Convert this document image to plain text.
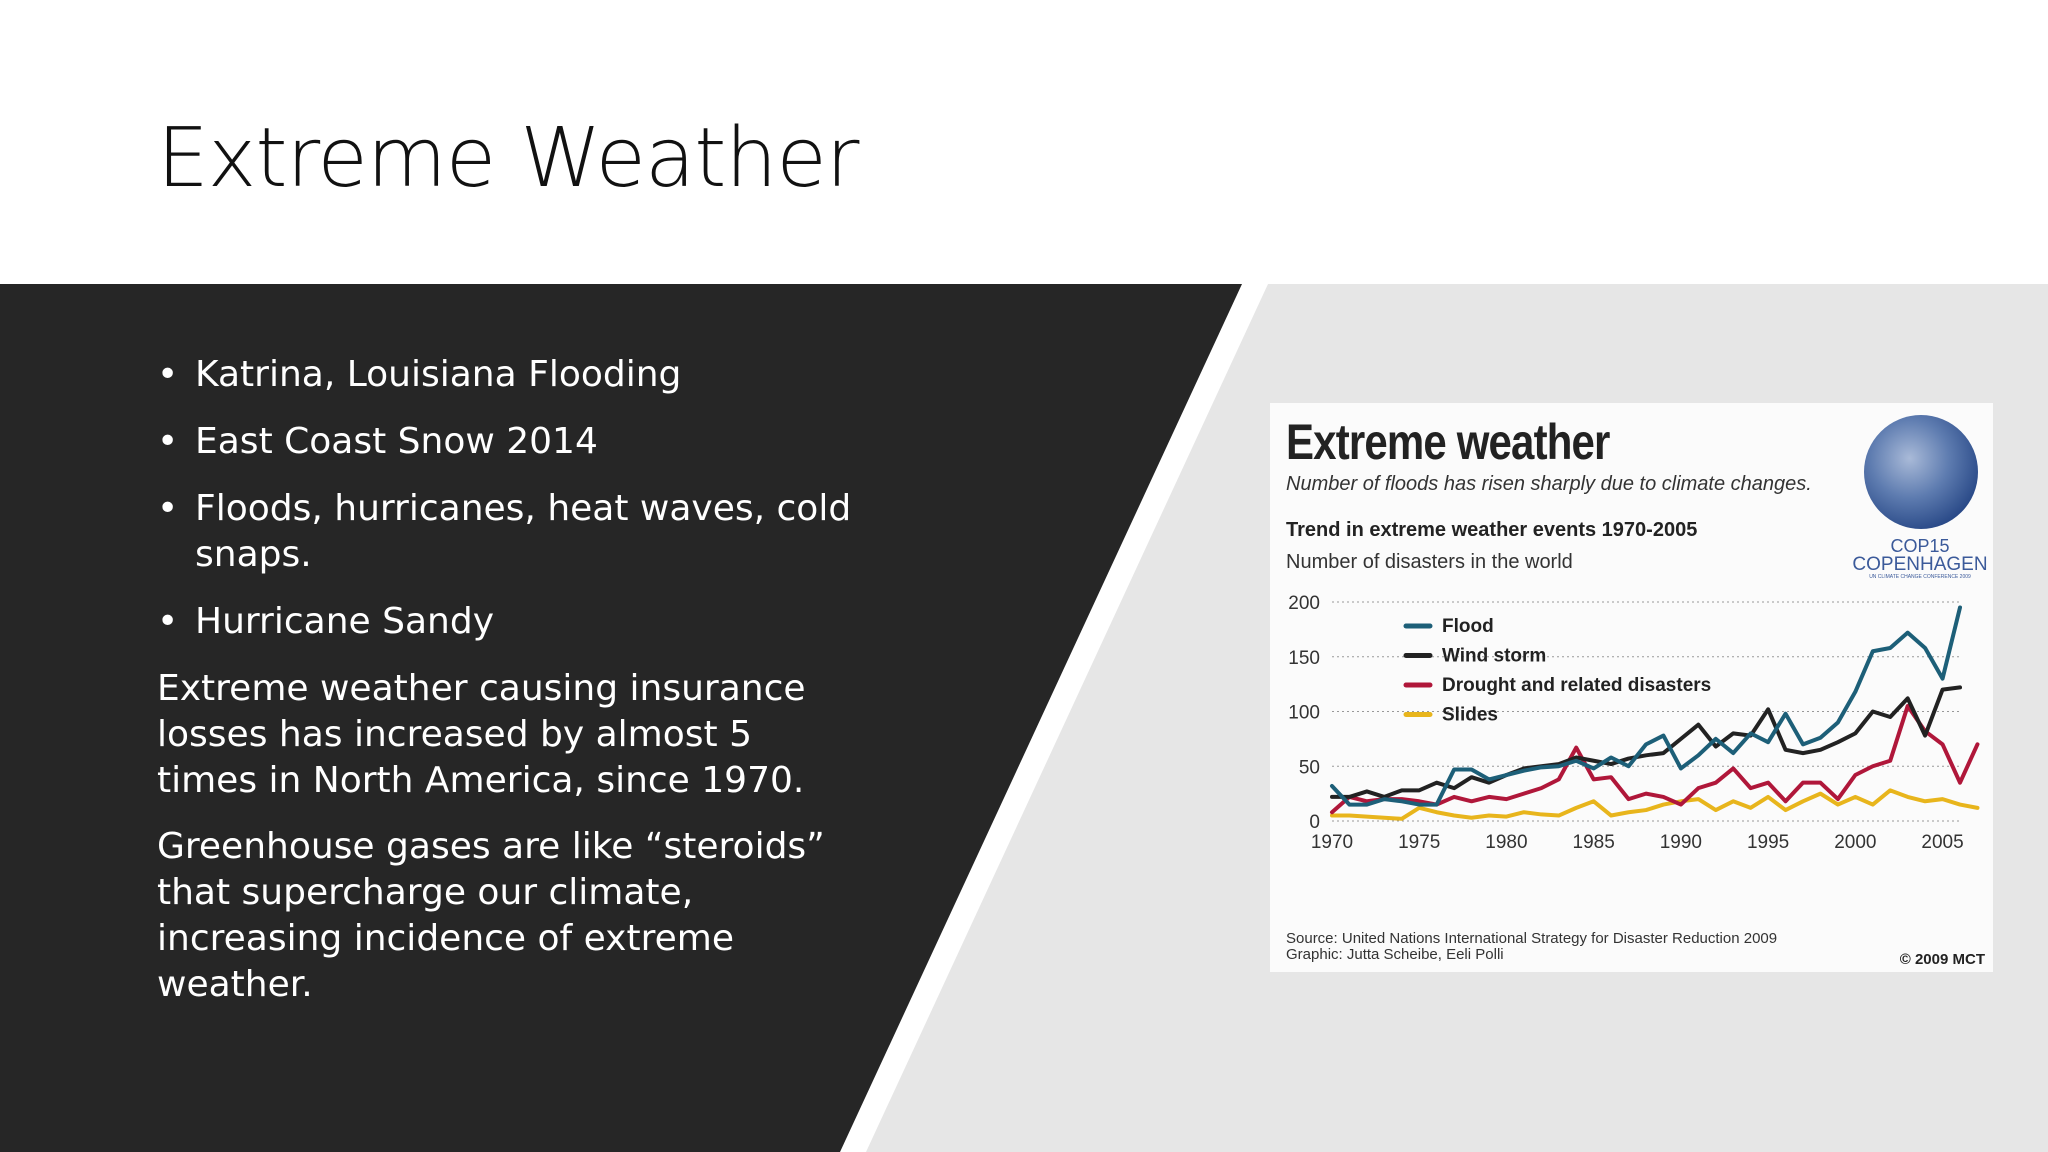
Extreme Weather
• Katrina, Louisiana Flooding
• East Coast Snow 2014
• Floods, hurricanes, heat waves, cold snaps.
• Hurricane Sandy

Extreme weather causing insurance losses has increased by almost 5 times in North America, since 1970.

Greenhouse gases are like “steroids” that supercharge our climate, increasing incidence of extreme weather.

Extreme weather
Number of floods has risen sharply due to climate changes.
Trend in extreme weather events 1970-2005
Number of disasters in the world
COP15
COPENHAGEN
UN CLIMATE CHANGE CONFERENCE 2009
0
50
100
150
200
1970 1975 1980 1985 1990 1995 2000 2005
Flood
Wind storm
Drought and related disasters
Slides
Source: United Nations International Strategy for Disaster Reduction 2009
Graphic: Jutta Scheibe, Eeli Polli	© 2009 MCT
